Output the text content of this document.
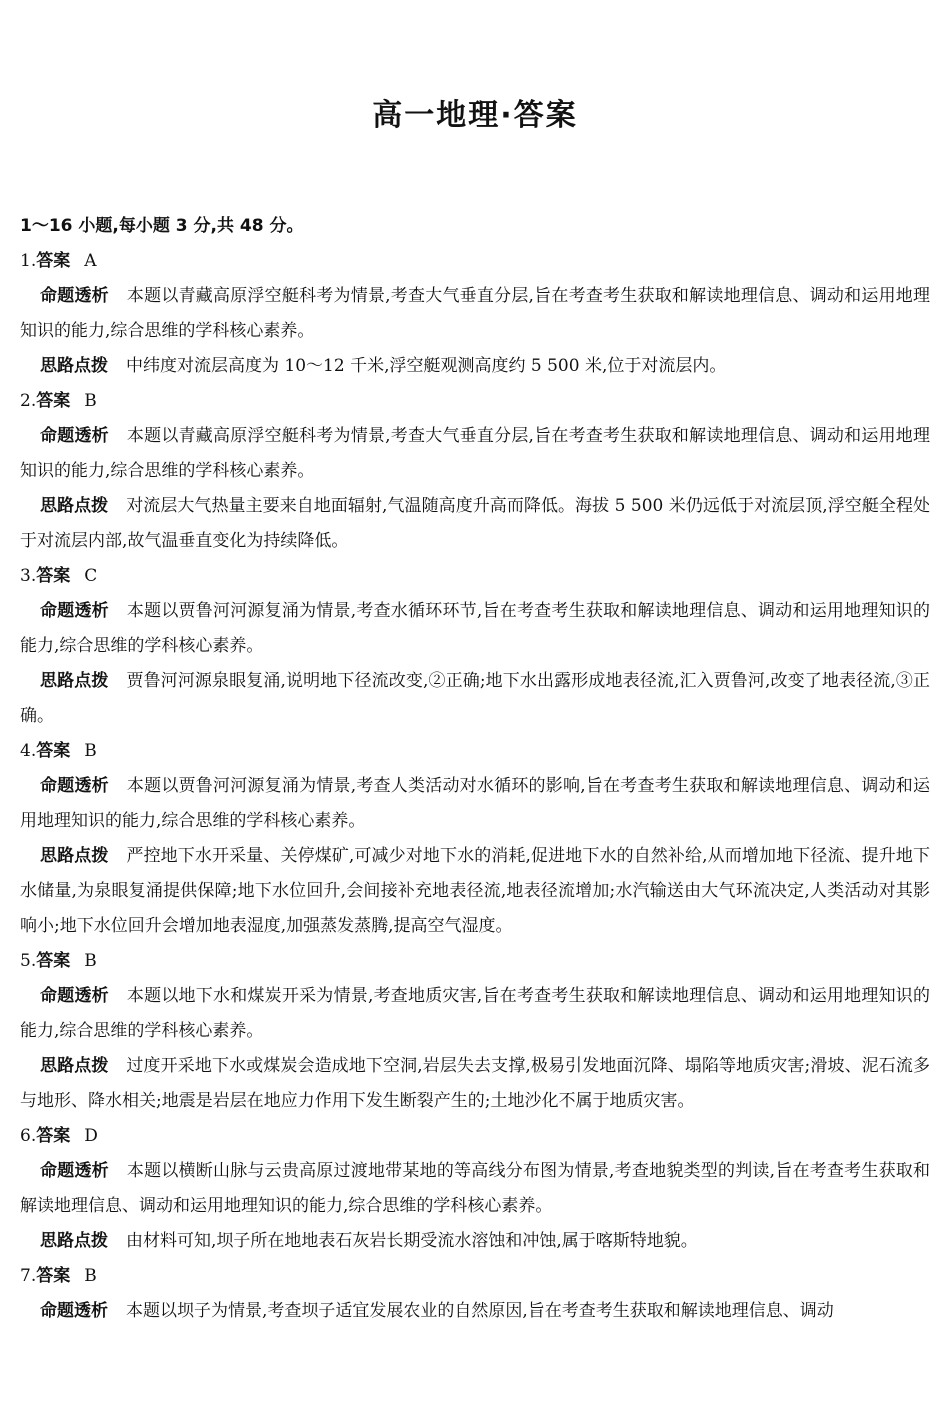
高一地理·答案

1～16 小题,每小题 3 分,共 48 分。

1.答案 A

命题透析 本题以青藏高原浮空艇科考为情景,考查大气垂直分层,旨在考查考生获取和解读地理信息、调动和运用地理知识的能力,综合思维的学科核心素养。

思路点拨 中纬度对流层高度为 10～12 千米,浮空艇观测高度约 5 500 米,位于对流层内。

2.答案 B

命题透析 本题以青藏高原浮空艇科考为情景,考查大气垂直分层,旨在考查考生获取和解读地理信息、调动和运用地理知识的能力,综合思维的学科核心素养。

思路点拨 对流层大气热量主要来自地面辐射,气温随高度升高而降低。海拔 5 500 米仍远低于对流层顶,浮空艇全程处于对流层内部,故气温垂直变化为持续降低。

3.答案 C

命题透析 本题以贾鲁河河源复涌为情景,考查水循环环节,旨在考查考生获取和解读地理信息、调动和运用地理知识的能力,综合思维的学科核心素养。

思路点拨 贾鲁河河源泉眼复涌,说明地下径流改变,②正确;地下水出露形成地表径流,汇入贾鲁河,改变了地表径流,③正确。

4.答案 B

命题透析 本题以贾鲁河河源复涌为情景,考查人类活动对水循环的影响,旨在考查考生获取和解读地理信息、调动和运用地理知识的能力,综合思维的学科核心素养。

思路点拨 严控地下水开采量、关停煤矿,可减少对地下水的消耗,促进地下水的自然补给,从而增加地下径流、提升地下水储量,为泉眼复涌提供保障;地下水位回升,会间接补充地表径流,地表径流增加;水汽输送由大气环流决定,人类活动对其影响小;地下水位回升会增加地表湿度,加强蒸发蒸腾,提高空气湿度。

5.答案 B

命题透析 本题以地下水和煤炭开采为情景,考查地质灾害,旨在考查考生获取和解读地理信息、调动和运用地理知识的能力,综合思维的学科核心素养。

思路点拨 过度开采地下水或煤炭会造成地下空洞,岩层失去支撑,极易引发地面沉降、塌陷等地质灾害;滑坡、泥石流多与地形、降水相关;地震是岩层在地应力作用下发生断裂产生的;土地沙化不属于地质灾害。

6.答案 D

命题透析 本题以横断山脉与云贵高原过渡地带某地的等高线分布图为情景,考查地貌类型的判读,旨在考查考生获取和解读地理信息、调动和运用地理知识的能力,综合思维的学科核心素养。

思路点拨 由材料可知,坝子所在地地表石灰岩长期受流水溶蚀和冲蚀,属于喀斯特地貌。

7.答案 B

命题透析 本题以坝子为情景,考查坝子适宜发展农业的自然原因,旨在考查考生获取和解读地理信息、调动
